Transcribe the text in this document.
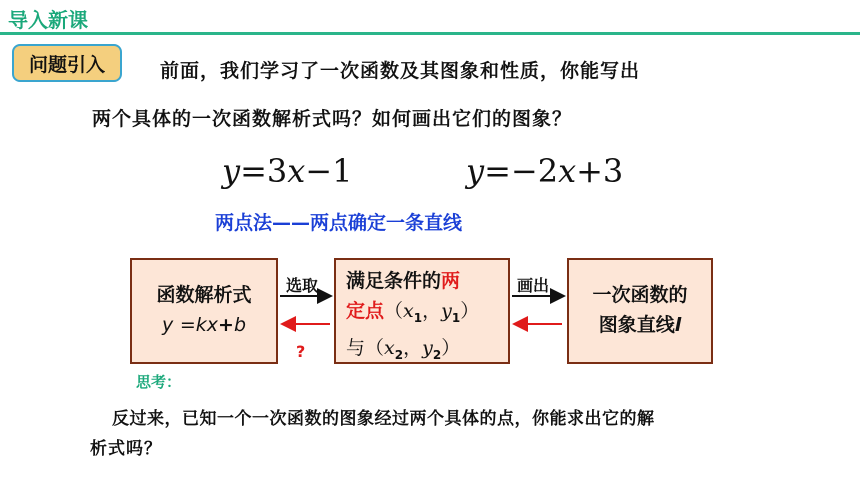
导入新课
问题引入	前面，我们学习了一次函数及其图象和性质，你能写出
两个具体的一次函数解析式吗？如何画出它们的图象？
y=3x−1	y=−2x+3
两点法——两点确定一条直线
函数解析式
y =kx+b
满足条件的两
定点（$x_1$，$y_1$）
与（$x_2$，$y_2$）
一次函数的
图象直线l
选取	画出
?
思考：
反过来，已知一个一次函数的图象经过两个具体的点，你能求出它的解
析式吗？
